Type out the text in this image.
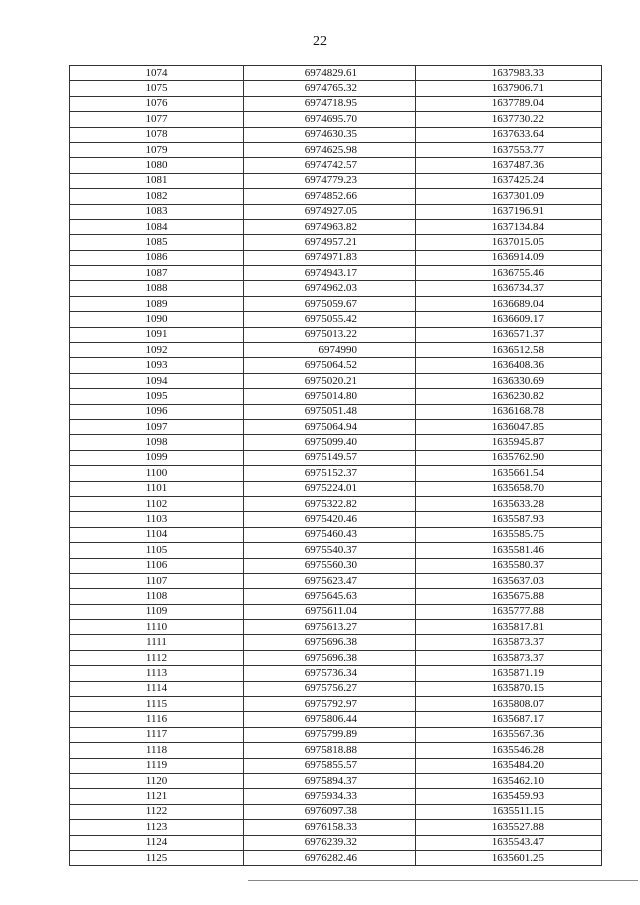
22
1074	6974829.61	1637983.33
1075	6974765.32	1637906.71
1076	6974718.95	1637789.04
1077	6974695.70	1637730.22
1078	6974630.35	1637633.64
1079	6974625.98	1637553.77
1080	6974742.57	1637487.36
1081	6974779.23	1637425.24
1082	6974852.66	1637301.09
1083	6974927.05	1637196.91
1084	6974963.82	1637134.84
1085	6974957.21	1637015.05
1086	6974971.83	1636914.09
1087	6974943.17	1636755.46
1088	6974962.03	1636734.37
1089	6975059.67	1636689.04
1090	6975055.42	1636609.17
1091	6975013.22	1636571.37
1092	6974990	1636512.58
1093	6975064.52	1636408.36
1094	6975020.21	1636330.69
1095	6975014.80	1636230.82
1096	6975051.48	1636168.78
1097	6975064.94	1636047.85
1098	6975099.40	1635945.87
1099	6975149.57	1635762.90
1100	6975152.37	1635661.54
1101	6975224.01	1635658.70
1102	6975322.82	1635633.28
1103	6975420.46	1635587.93
1104	6975460.43	1635585.75
1105	6975540.37	1635581.46
1106	6975560.30	1635580.37
1107	6975623.47	1635637.03
1108	6975645.63	1635675.88
1109	6975611.04	1635777.88
1110	6975613.27	1635817.81
1111	6975696.38	1635873.37
1112	6975696.38	1635873.37
1113	6975736.34	1635871.19
1114	6975756.27	1635870.15
1115	6975792.97	1635808.07
1116	6975806.44	1635687.17
1117	6975799.89	1635567.36
1118	6975818.88	1635546.28
1119	6975855.57	1635484.20
1120	6975894.37	1635462.10
1121	6975934.33	1635459.93
1122	6976097.38	1635511.15
1123	6976158.33	1635527.88
1124	6976239.32	1635543.47
1125	6976282.46	1635601.25
